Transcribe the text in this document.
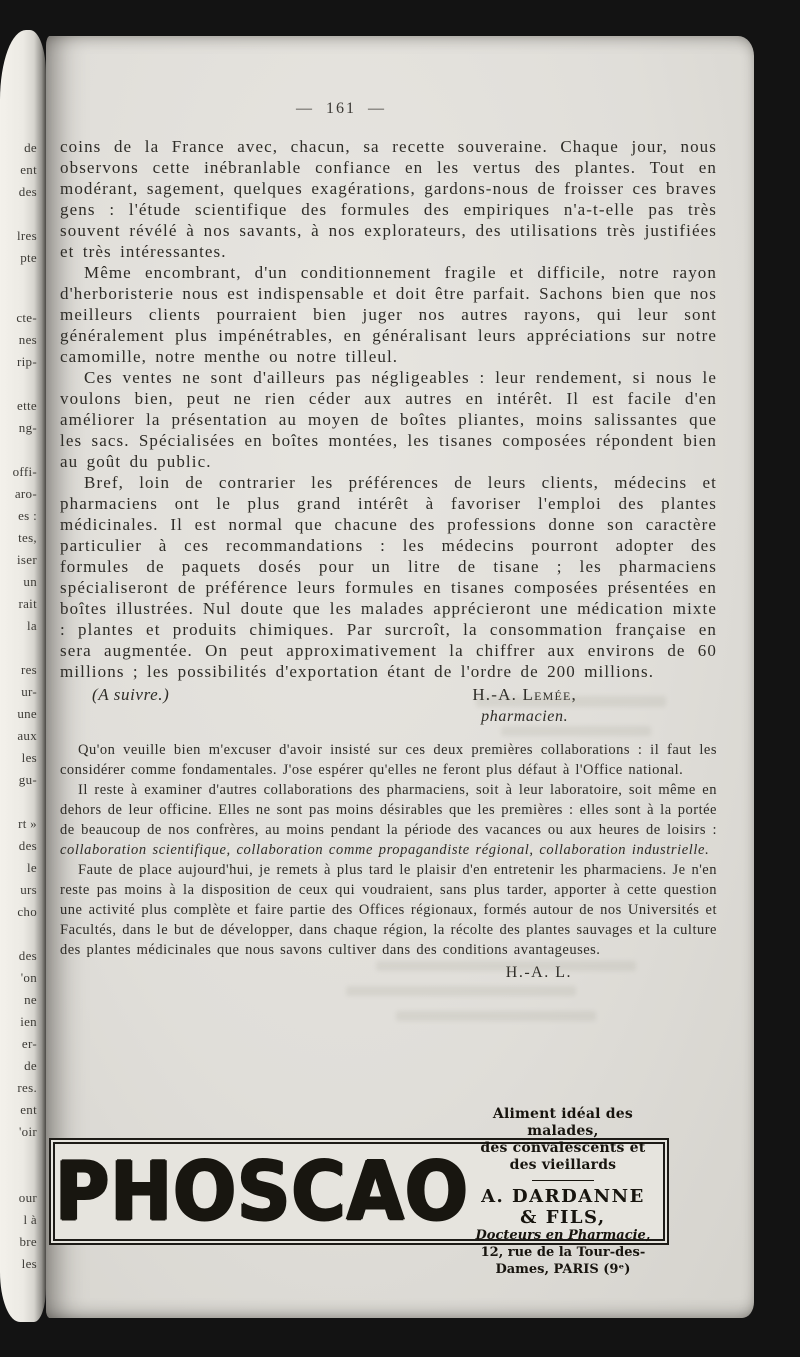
de
ent
des
lres
pte
cte-
nes
rip-
ette
ng-
offi-
aro-
es :
tes,
iser
un
rait
la
res
ur-
une
aux
les
gu-
rt »
des
le
urs
cho
des
'on
ne
ien
er-
de
res.
ent
'oir
our
l à
bre
les
— 161 —

coins de la France avec, chacun, sa recette souveraine. Chaque jour, nous observons cette inébranlable confiance en les vertus des plantes. Tout en modérant, sagement, quelques exagérations, gardons-nous de froisser ces braves gens : l'étude scientifique des formules des empiriques n'a-t-elle pas très souvent révélé à nos savants, à nos explorateurs, des utilisations très justifiées et très intéressantes.

Même encombrant, d'un conditionnement fragile et difficile, notre rayon d'herboristerie nous est indispensable et doit être parfait. Sachons bien que nos meilleurs clients pourraient bien juger nos autres rayons, qui leur sont généralement plus impénétrables, en généralisant leurs appréciations sur notre camomille, notre menthe ou notre tilleul.

Ces ventes ne sont d'ailleurs pas négligeables : leur rendement, si nous le voulons bien, peut ne rien céder aux autres en intérêt. Il est facile d'en améliorer la présentation au moyen de boîtes pliantes, moins salissantes que les sacs. Spécialisées en boîtes montées, les tisanes composées répondent bien au goût du public.

Bref, loin de contrarier les préférences de leurs clients, médecins et pharmaciens ont le plus grand intérêt à favoriser l'emploi des plantes médicinales. Il est normal que chacune des professions donne son caractère particulier à ces recommandations : les médecins pourront adopter des formules de paquets dosés pour un litre de tisane ; les pharmaciens spécialiseront de préférence leurs formules en tisanes composées présentées en boîtes illustrées. Nul doute que les malades apprécieront une médication mixte : plantes et produits chimiques. Par surcroît, la consommation française en sera augmentée. On peut approximativement la chiffrer aux environs de 60 millions ; les possibilités d'exportation étant de l'ordre de 200 millions.

(A suivre.)	H.-A. Lemée,
pharmacien.

Qu'on veuille bien m'excuser d'avoir insisté sur ces deux premières collaborations : il faut les considérer comme fondamentales. J'ose espérer qu'elles ne feront plus défaut à l'Office national.

Il reste à examiner d'autres collaborations des pharmaciens, soit à leur laboratoire, soit même en dehors de leur officine. Elles ne sont pas moins désirables que les premières : elles sont à la portée de beaucoup de nos confrères, au moins pendant la période des vacances ou aux heures de loisirs : collaboration scientifique, collaboration comme propagandiste régional, collaboration industrielle.

Faute de place aujourd'hui, je remets à plus tard le plaisir d'en entretenir les pharmaciens. Je n'en reste pas moins à la disposition de ceux qui voudraient, sans plus tarder, apporter à cette question une activité plus complète et faire partie des Offices régionaux, formés autour de nos Universités et Facultés, dans le but de développer, dans chaque région, la récolte des plantes sauvages et la culture des plantes médicinales que nous savons cultiver dans des conditions avantageuses.

H.-A. L.
PHOSCAO
Aliment idéal des malades,
des convalescents et des vieillards
A. DARDANNE & FILS,
Docteurs en Pharmacie,
12, rue de la Tour-des-Dames, PARIS (9ᵉ)
